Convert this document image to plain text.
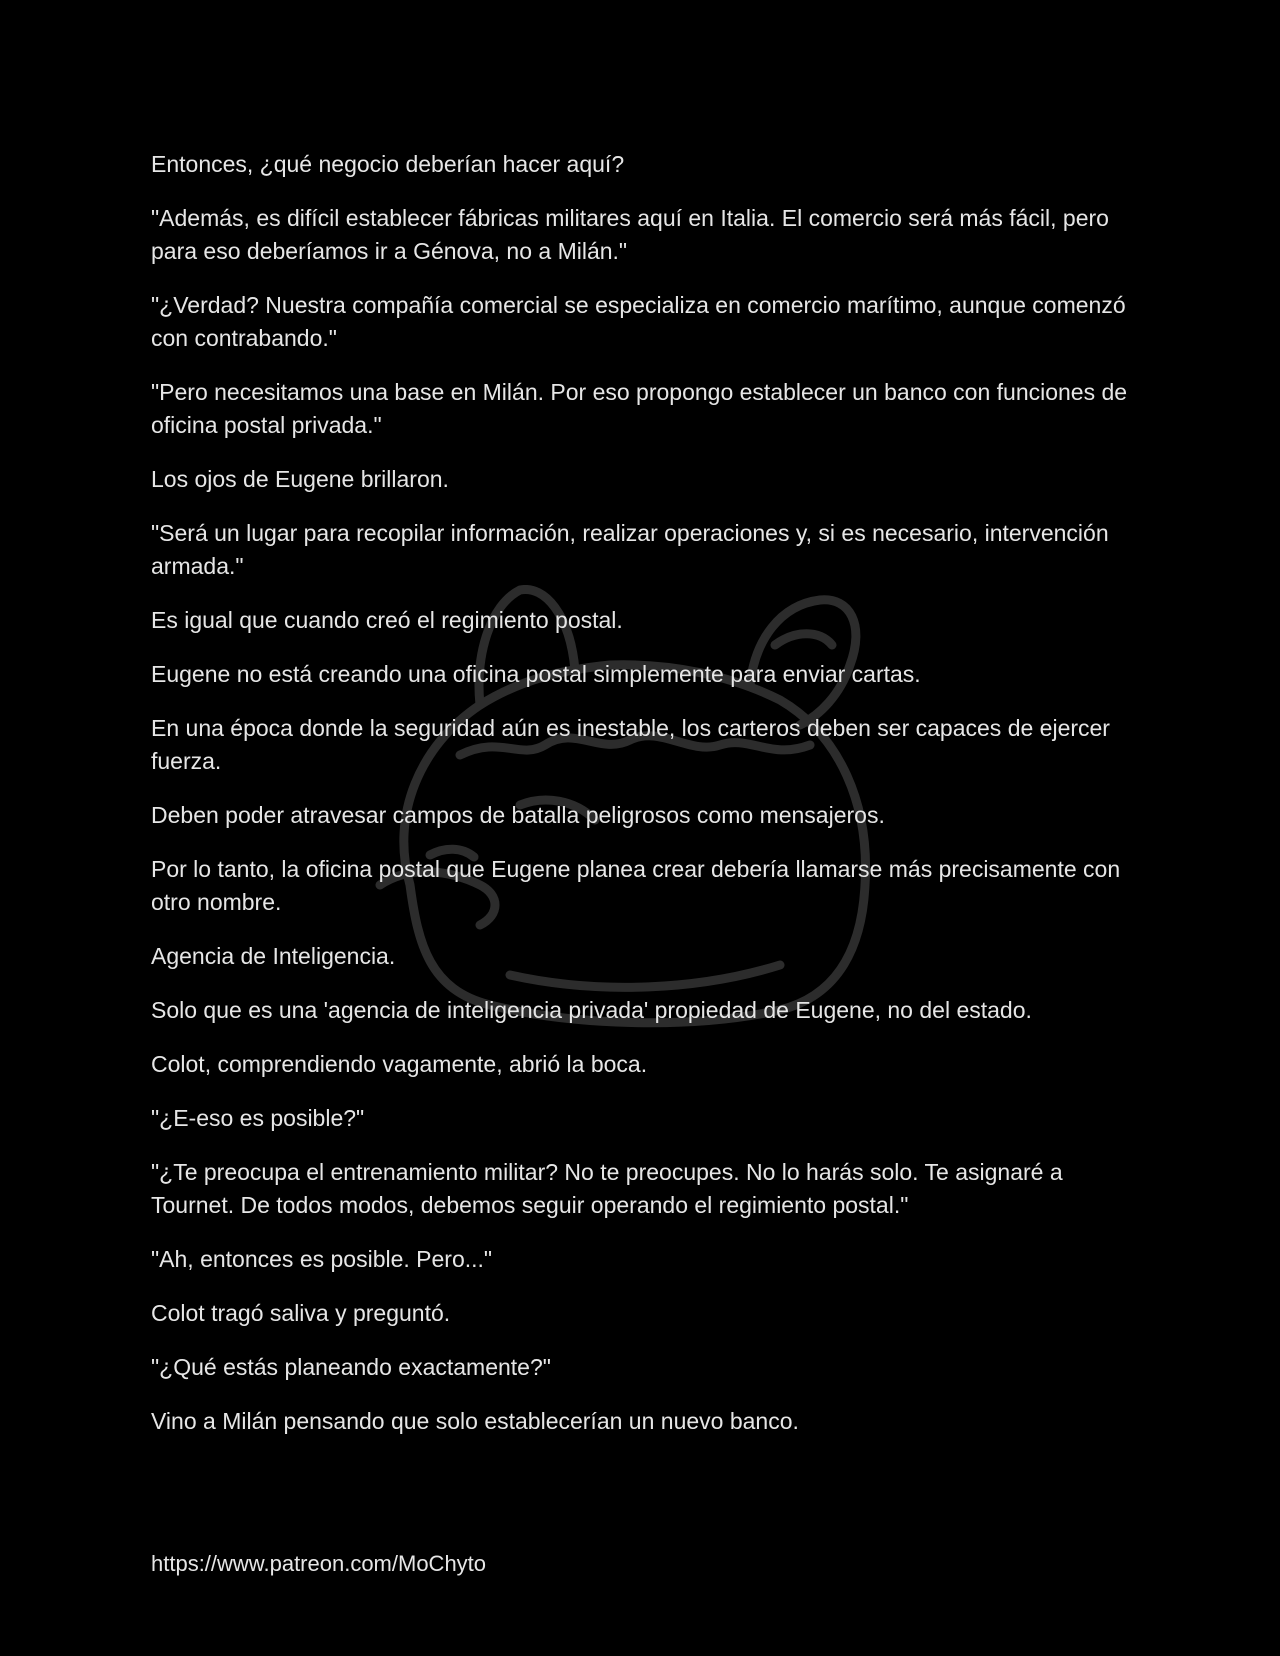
Entonces, ¿qué negocio deberían hacer aquí?

"Además, es difícil establecer fábricas militares aquí en Italia. El comercio será más fácil, pero para eso deberíamos ir a Génova, no a Milán."

"¿Verdad? Nuestra compañía comercial se especializa en comercio marítimo, aunque comenzó con contrabando."

"Pero necesitamos una base en Milán. Por eso propongo establecer un banco con funciones de oficina postal privada."

Los ojos de Eugene brillaron.

"Será un lugar para recopilar información, realizar operaciones y, si es necesario, intervención armada."

Es igual que cuando creó el regimiento postal.

Eugene no está creando una oficina postal simplemente para enviar cartas.

En una época donde la seguridad aún es inestable, los carteros deben ser capaces de ejercer fuerza.

Deben poder atravesar campos de batalla peligrosos como mensajeros.

Por lo tanto, la oficina postal que Eugene planea crear debería llamarse más precisamente con otro nombre.

Agencia de Inteligencia.

Solo que es una 'agencia de inteligencia privada' propiedad de Eugene, no del estado.

Colot, comprendiendo vagamente, abrió la boca.

"¿E-eso es posible?"

"¿Te preocupa el entrenamiento militar? No te preocupes. No lo harás solo. Te asignaré a Tournet. De todos modos, debemos seguir operando el regimiento postal."

"Ah, entonces es posible. Pero..."

Colot tragó saliva y preguntó.

"¿Qué estás planeando exactamente?"

Vino a Milán pensando que solo establecerían un nuevo banco.

https://www.patreon.com/MoChyto
